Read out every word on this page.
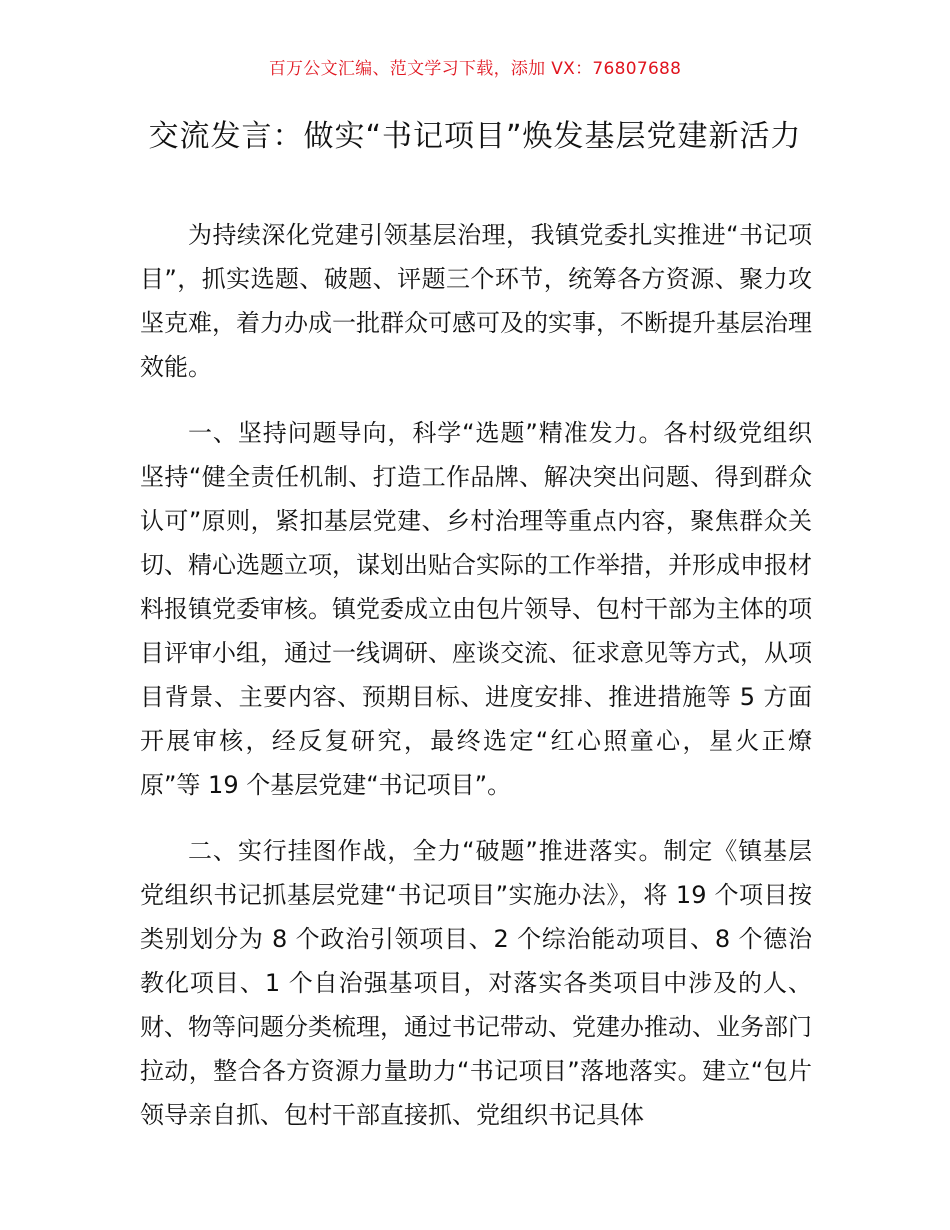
百万公文汇编、范文学习下载，添加 VX：76807688
交流发言：做实“书记项目”焕发基层党建新活力

为持续深化党建引领基层治理，我镇党委扎实推进“书记项目”，抓实选题、破题、评题三个环节，统筹各方资源、聚力攻坚克难，着力办成一批群众可感可及的实事，不断提升基层治理效能。

一、坚持问题导向，科学“选题”精准发力。各村级党组织坚持“健全责任机制、打造工作品牌、解决突出问题、得到群众认可”原则，紧扣基层党建、乡村治理等重点内容，聚焦群众关切、精心选题立项，谋划出贴合实际的工作举措，并形成申报材料报镇党委审核。镇党委成立由包片领导、包村干部为主体的项目评审小组，通过一线调研、座谈交流、征求意见等方式，从项目背景、主要内容、预期目标、进度安排、推进措施等 5 方面开展审核，经反复研究，最终选定“红心照童心，星火正燎原”等 19 个基层党建“书记项目”。

二、实行挂图作战，全力“破题”推进落实。制定《镇基层党组织书记抓基层党建“书记项目”实施办法》，将 19 个项目按类别划分为 8 个政治引领项目、2 个综治能动项目、8 个德治教化项目、1 个自治强基项目，对落实各类项目中涉及的人、财、物等问题分类梳理，通过书记带动、党建办推动、业务部门拉动，整合各方资源力量助力“书记项目”落地落实。建立“包片领导亲自抓、包村干部直接抓、党组织书记具体
